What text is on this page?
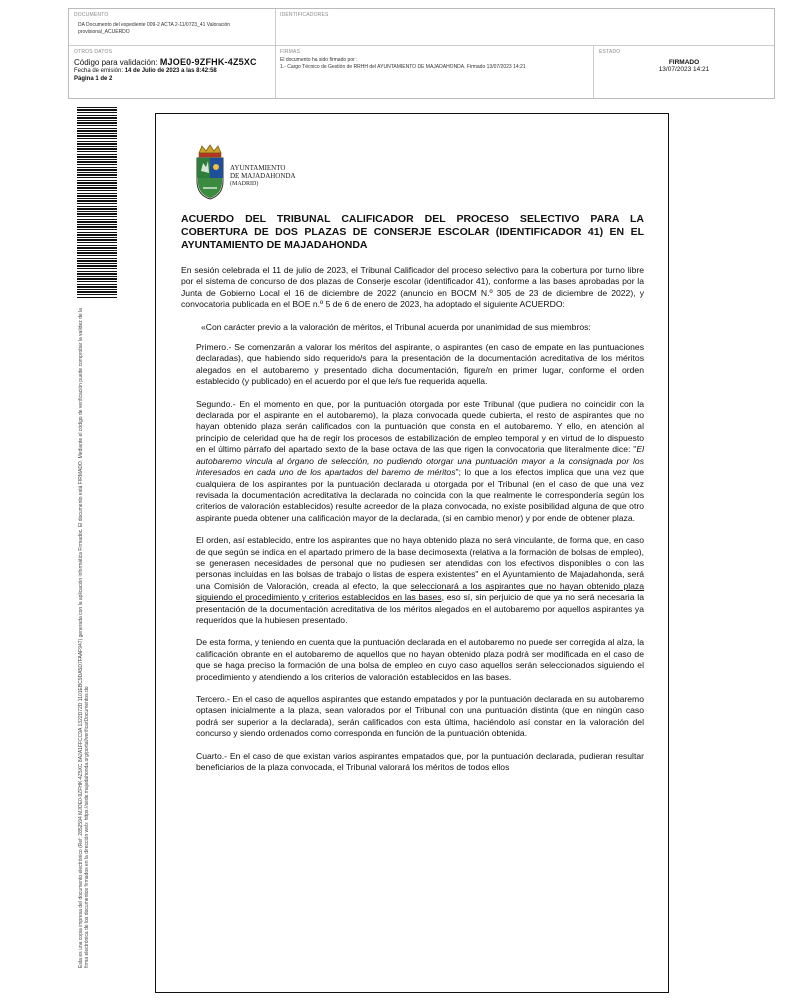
DOCUMENTO
DA Documento del expediente 009-2 ACTA 2-11/0723_41 Valoración provisional_ACUERDO
IDENTIFICADORES
OTROS DATOS
Código para validación: MJOE0-9ZFHK-4Z5XC
Fecha de emisión: 14 de Julio de 2023 a las 8:42:58
Página 1 de 2
FIRMAS
El documento ha sido firmado por :
1.- Cargo Técnico de Gestión de RRHH del AYUNTAMIENTO DE MAJADAHONDA. Firmado 13/07/2023 14:21
ESTADO
FIRMADO
13/07/2023 14:21
Esta es una copia impresa del documento electrónico (Ref: 2852594 MJOE0-9ZFHK-4Z5XC 8A2A1FFCC9A 1322D72D 1101EBC9DA5D7FAAF947) generada con la aplicación informática Firmadoc. El documento está FIRMADO. Mediante el código de verificación puede comprobar la validez de la firma electrónica de los documentos firmados en la dirección web: https://sede.majadahonda.org/portal/verificarDocumentos.do
AYUNTAMIENTO
DE MAJADAHONDA
(MADRID)
ACUERDO DEL TRIBUNAL CALIFICADOR DEL PROCESO SELECTIVO PARA LA COBERTURA DE DOS PLAZAS DE CONSERJE ESCOLAR (IDENTIFICADOR 41) EN EL AYUNTAMIENTO DE MAJADAHONDA

En sesión celebrada el 11 de julio de 2023, el Tribunal Calificador del proceso selectivo para la cobertura por turno libre por el sistema de concurso de dos plazas de Conserje escolar (identificador 41), conforme a las bases aprobadas por la Junta de Gobierno Local el 16 de diciembre de 2022 (anuncio en BOCM N.º 305 de 23 de diciembre de 2022), y convocatoria publicada en el BOE n.º 5 de 6 de enero de 2023, ha adoptado el siguiente ACUERDO:

«Con carácter previo a la valoración de méritos, el Tribunal acuerda por unanimidad de sus miembros:

Primero.- Se comenzarán a valorar los méritos del aspirante, o aspirantes (en caso de empate en las puntuaciones declaradas), que habiendo sido requerido/s para la presentación de la documentación acreditativa de los méritos alegados en el autobaremo y presentado dicha documentación, figure/n en primer lugar, conforme el orden establecido (y publicado) en el acuerdo por el que le/s fue requerida aquella.

Segundo.- En el momento en que, por la puntuación otorgada por este Tribunal (que pudiera no coincidir con la declarada por el aspirante en el autobaremo), la plaza convocada quede cubierta, el resto de aspirantes que no hayan obtenido plaza serán calificados con la puntuación que consta en el autobaremo. Y ello, en atención al principio de celeridad que ha de regir los procesos de estabilización de empleo temporal y en virtud de lo dispuesto en el último párrafo del apartado sexto de la base octava de las que rigen la convocatoria que literalmente dice: "El autobaremo vincula al órgano de selección, no pudiendo otorgar una puntuación mayor a la consignada por los interesados en cada uno de los apartados del baremo de méritos"; lo que a los efectos implica que una vez que cualquiera de los aspirantes por la puntuación declarada u otorgada por el Tribunal (en el caso de que una vez revisada la documentación acreditativa la declarada no coincida con la que realmente le correspondería según los criterios de valoración establecidos) resulte acreedor de la plaza convocada, no existe posibilidad alguna de que otro aspirante pueda obtener una calificación mayor de la declarada, (si en cambio menor) y por ende de obtener plaza.

El orden, así establecido, entre los aspirantes que no haya obtenido plaza no será vinculante, de forma que, en caso de que según se indica en el apartado primero de la base decimosexta (relativa a la formación de bolsas de empleo), se generasen necesidades de personal que no pudiesen ser atendidas con los efectivos disponibles o con las personas incluidas en las bolsas de trabajo o listas de espera existentes" en el Ayuntamiento de Majadahonda, será una Comisión de Valoración, creada al efecto, la que seleccionará a los aspirantes que no hayan obtenido plaza siguiendo el procedimiento y criterios establecidos en las bases, eso sí, sin perjuicio de que ya no será necesaria la presentación de la documentación acreditativa de los méritos alegados en el autobaremo por aquellos aspirantes ya requeridos que la hubiesen presentado.

De esta forma, y teniendo en cuenta que la puntuación declarada en el autobaremo no puede ser corregida al alza, la calificación obrante en el autobaremo de aquellos que no hayan obtenido plaza podrá ser modificada en el caso de que se haga preciso la formación de una bolsa de empleo en cuyo caso aquellos serán seleccionados siguiendo el procedimiento y atendiendo a los criterios de valoración establecidos en las bases.

Tercero.- En el caso de aquellos aspirantes que estando empatados y por la puntuación declarada en su autobaremo optasen inicialmente a la plaza, sean valorados por el Tribunal con una puntuación distinta (que en ningún caso podrá ser superior a la declarada), serán calificados con esta última, haciéndolo así constar en la valoración del concurso y siendo ordenados como corresponda en función de la puntuación obtenida.

Cuarto.- En el caso de que existan varios aspirantes empatados que, por la puntuación declarada, pudieran resultar beneficiarios de la plaza convocada, el Tribunal valorará los méritos de todos ellos
